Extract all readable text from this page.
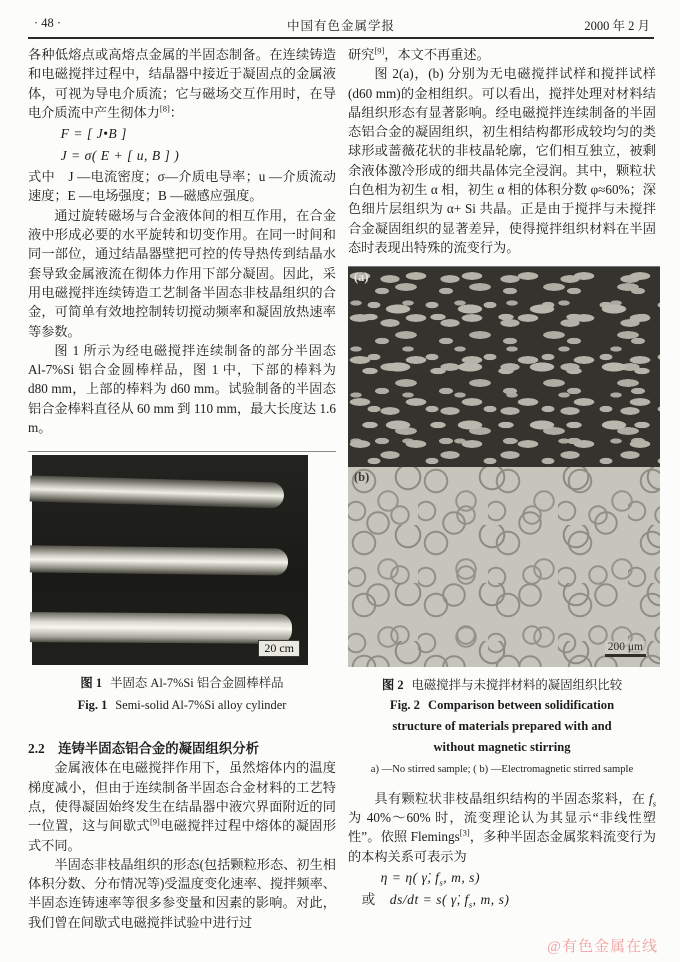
· 48 ·	中国有色金属学报	2000 年 2 月

各种低熔点或高熔点金属的半固态制备。在连续铸造和电磁搅拌过程中，结晶器中接近于凝固点的金属液体，可视为导电介质流；它与磁场交互作用时，在导电介质流中产生彻体力[8]：

F = [ J•B ]

J = σ( E + [ u, B ] )

式中　J —电流密度；σ—介质电导率；u —介质流动速度；E —电场强度；B —磁感应强度。

通过旋转磁场与合金液体间的相互作用，在合金液中形成必要的水平旋转和切变作用。在同一时间和同一部位，通过结晶器壁把可控的传导热传到结晶水套导致金属液流在彻体力作用下部分凝固。因此，采用电磁搅拌连续铸造工艺制备半固态非枝晶组织的合金，可简单有效地控制转切搅动频率和凝固放热速率等参数。

图 1 所示为经电磁搅拌连续制备的部分半固态 Al-7%Si 铝合金圆棒样品，图 1 中，下部的棒料为 d80 mm，上部的棒料为 d60 mm。试验制备的半固态铝合金棒料直径从 60 mm 到 110 mm，最大长度达 1.6 m。

20 cm

图 1 半固态 Al-7%Si 铝合金圆棒样品

Fig. 1 Semi-solid Al-7%Si alloy cylinder

2.2　连铸半固态铝合金的凝固组织分析

金属液体在电磁搅拌作用下，虽然熔体内的温度梯度减小，但由于连续制备半固态合金材料的工艺特点，使得凝固始终发生在结晶器中液穴界面附近的同一位置，这与间歇式[9]电磁搅拌过程中熔体的凝固形式不同。

半固态非枝晶组织的形态(包括颗粒形态、初生相体积分数、分布情况等)受温度变化速率、搅拌频率、半固态连铸速率等很多参变量和因素的影响。对此，我们曾在间歇式电磁搅拌试验中进行过

研究[9]，本文不再重述。

图 2(a)，(b) 分别为无电磁搅拌试样和搅拌试样(d60 mm)的金相组织。可以看出，搅拌处理对材料结晶组织形态有显著影响。经电磁搅拌连续制备的半固态铝合金的凝固组织，初生相结构都形成较均匀的类球形或蔷薇花状的非枝晶轮廓，它们相互独立，被剩余液体激冷形成的细共晶体完全浸润。其中，颗粒状白色相为初生 α 相，初生 α 相的体积分数 φ≈60%；深色细片层组织为 α+ Si 共晶。正是由于搅拌与未搅拌合金凝固组织的显著差异，使得搅拌组织材料在半固态时表现出特殊的流变行为。

(a)
(b)
200 μm

图 2 电磁搅拌与未搅拌材料的凝固组织比较

Fig. 2 Comparison between solidification structure of materials prepared with and without magnetic stirring

a) —No stirred sample; ( b) —Electromagnetic stirred sample

具有颗粒状非枝晶组织结构的半固态浆料，在 $f_s$ 为 40%～60% 时，流变理论认为其显示“非线性塑性”。依照 Flemings[3]，多种半固态金属浆料流变行为的本构关系可表示为

η = η( γ̇, $f_s$, m, s)

或　 ds/dt = s( γ̇, $f_s$, m, s)

@有色金属在线
